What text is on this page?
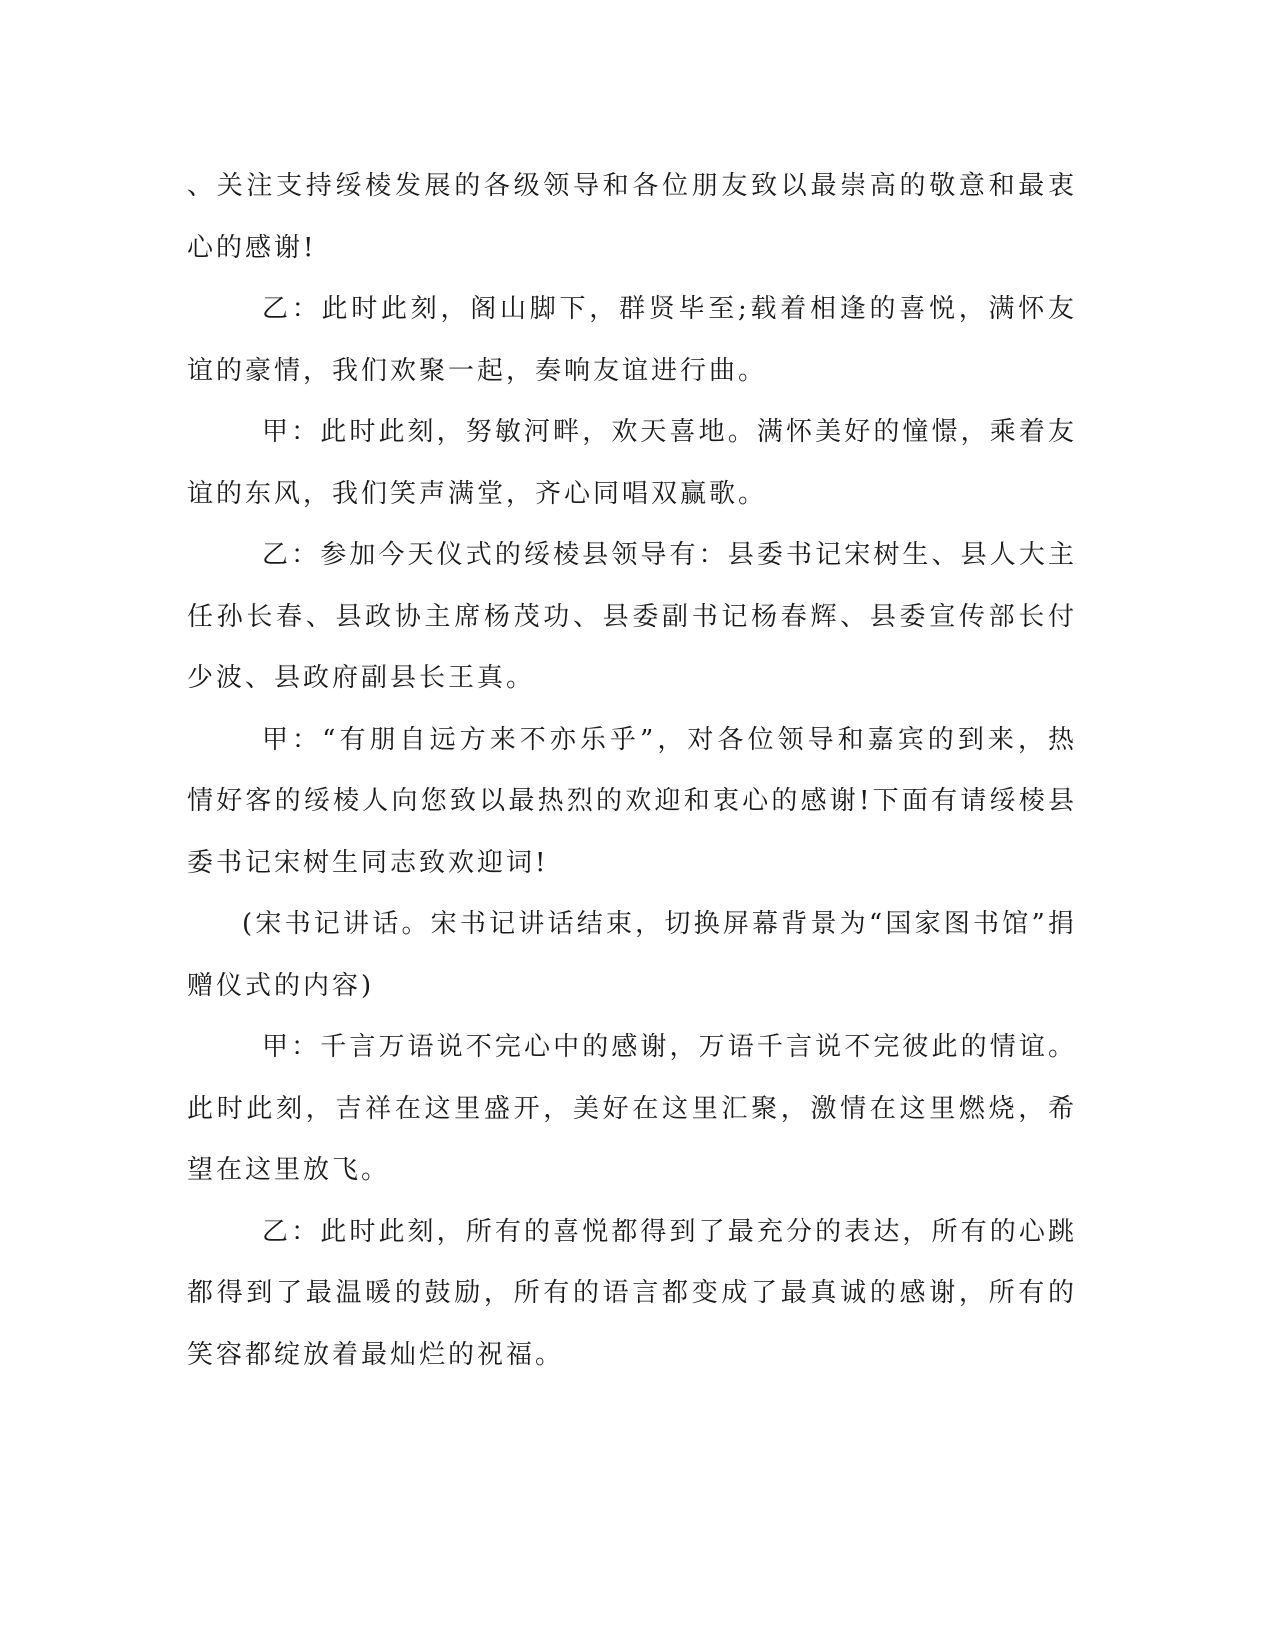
、关注支持绥棱发展的各级领导和各位朋友致以最崇高的敬意和最衷心的感谢!

乙：此时此刻，阁山脚下，群贤毕至;载着相逢的喜悦，满怀友谊的豪情，我们欢聚一起，奏响友谊进行曲。

甲：此时此刻，努敏河畔，欢天喜地。满怀美好的憧憬，乘着友谊的东风，我们笑声满堂，齐心同唱双赢歌。

乙：参加今天仪式的绥棱县领导有：县委书记宋树生、县人大主任孙长春、县政协主席杨茂功、县委副书记杨春辉、县委宣传部长付少波、县政府副县长王真。

甲：“有朋自远方来不亦乐乎”，对各位领导和嘉宾的到来，热情好客的绥棱人向您致以最热烈的欢迎和衷心的感谢!下面有请绥棱县委书记宋树生同志致欢迎词!

(宋书记讲话。宋书记讲话结束，切换屏幕背景为“国家图书馆”捐赠仪式的内容)

甲：千言万语说不完心中的感谢，万语千言说不完彼此的情谊。此时此刻，吉祥在这里盛开，美好在这里汇聚，激情在这里燃烧，希望在这里放飞。

乙：此时此刻，所有的喜悦都得到了最充分的表达，所有的心跳都得到了最温暖的鼓励，所有的语言都变成了最真诚的感谢，所有的笑容都绽放着最灿烂的祝福。
